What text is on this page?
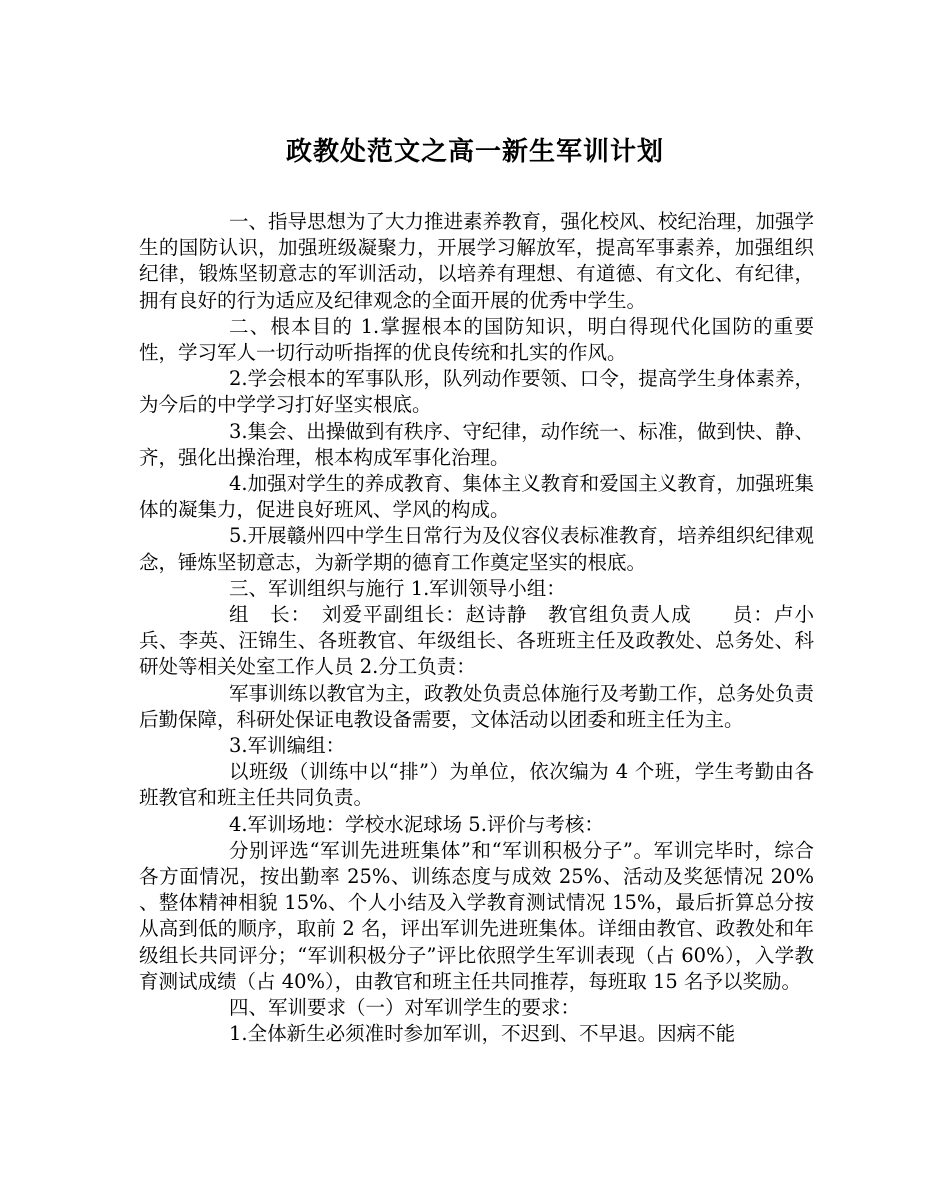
政教处范文之高一新生军训计划

一、指导思想为了大力推进素养教育，强化校风、校纪治理，加强学生的国防认识，加强班级凝聚力，开展学习解放军，提高军事素养，加强组织纪律，锻炼坚韧意志的军训活动，以培养有理想、有道德、有文化、有纪律，拥有良好的行为适应及纪律观念的全面开展的优秀中学生。

二、根本目的 1.掌握根本的国防知识，明白得现代化国防的重要性，学习军人一切行动听指挥的优良传统和扎实的作风。

2.学会根本的军事队形，队列动作要领、口令，提高学生身体素养，为今后的中学学习打好坚实根底。

3.集会、出操做到有秩序、守纪律，动作统一、标准，做到快、静、齐，强化出操治理，根本构成军事化治理。

4.加强对学生的养成教育、集体主义教育和爱国主义教育，加强班集体的凝集力，促进良好班风、学风的构成。

5.开展赣州四中学生日常行为及仪容仪表标准教育，培养组织纪律观念，锤炼坚韧意志，为新学期的德育工作奠定坚实的根底。

三、军训组织与施行 1.军训领导小组：

组　长：　刘爱平副组长：赵诗静　教官组负责人成　　员：卢小兵、李英、汪锦生、各班教官、年级组长、各班班主任及政教处、总务处、科研处等相关处室工作人员 2.分工负责：

军事训练以教官为主，政教处负责总体施行及考勤工作，总务处负责后勤保障，科研处保证电教设备需要，文体活动以团委和班主任为主。

3.军训编组：

以班级（训练中以“排”）为单位，依次编为 4 个班，学生考勤由各班教官和班主任共同负责。

4.军训场地：学校水泥球场 5.评价与考核：

分别评选“军训先进班集体”和“军训积极分子”。军训完毕时，综合各方面情况，按出勤率 25%、训练态度与成效 25%、活动及奖惩情况 20% 、整体精神相貌 15%、个人小结及入学教育测试情况 15%，最后折算总分按从高到低的顺序，取前 2 名，评出军训先进班集体。详细由教官、政教处和年级组长共同评分；“军训积极分子”评比依照学生军训表现（占 60%），入学教育测试成绩（占 40%），由教官和班主任共同推荐，每班取 15 名予以奖励。

四、军训要求（一）对军训学生的要求：

1.全体新生必须准时参加军训，不迟到、不早退。因病不能
